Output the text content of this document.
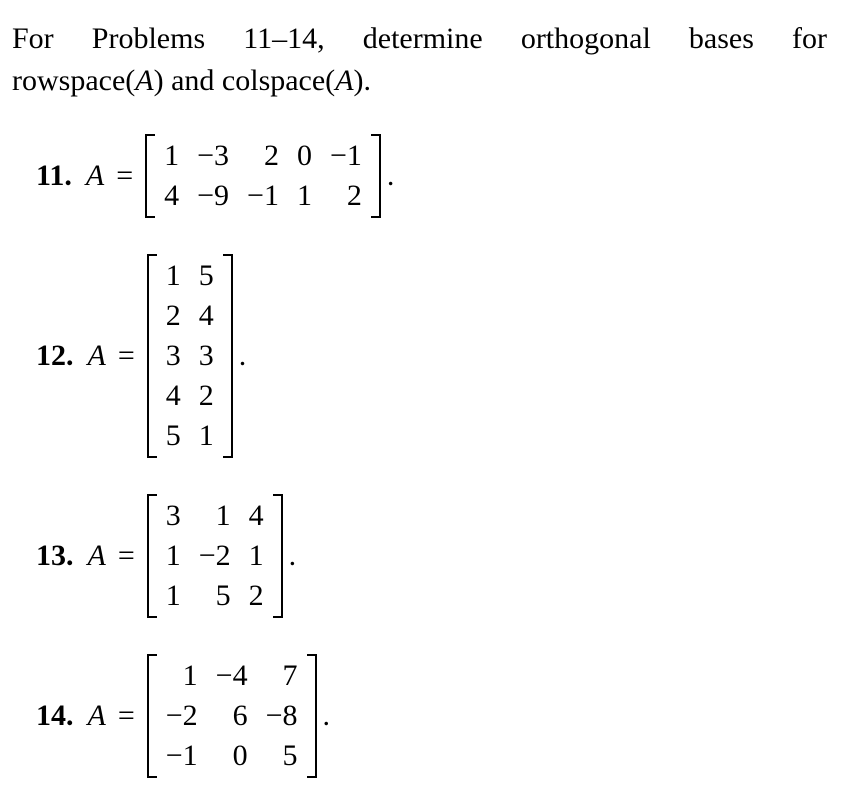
For Problems 11–14, determine orthogonal bases for
rowspace(A) and colspace(A).
11. A =
1	−3	2	0	−1
4	−9	−1	1	2
.
12. A =
1	5
2	4
3	3
4	2
5	1
.
13. A =
3	1	4
1	−2	1
1	5	2
.
14. A =
1	−4	7
−2	6	−8
−1	0	5
.
